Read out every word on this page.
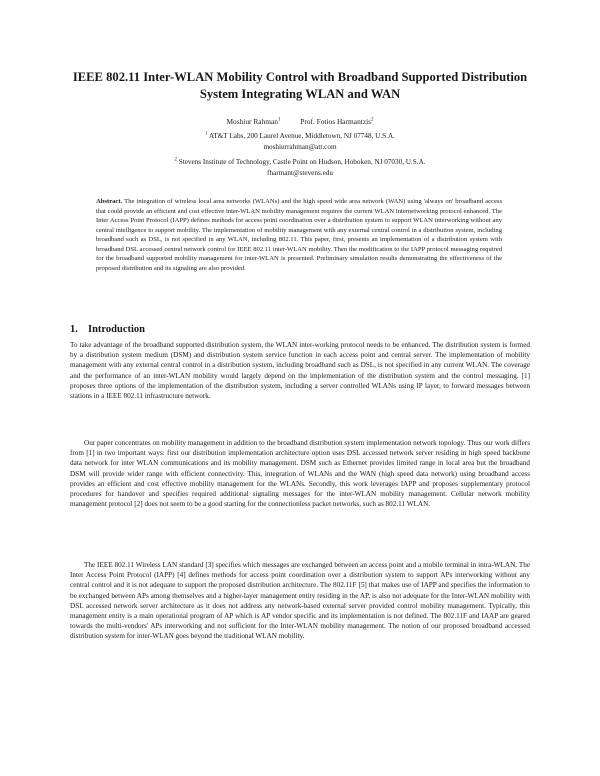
IEEE 802.11 Inter-WLAN Mobility Control with Broadband Supported Distribution System Integrating WLAN and WAN
Moshiur Rahman$^1$	Prof. Fotios Harmantzis$^2$
$^1$ AT&T Labs, 200 Laurel Avenue, Middletown, NJ 07748, U.S.A.
moshiurrahman@att.com
$^2$ Stevens Institute of Technology, Castle Point on Hudson, Hoboken, NJ 07030, U.S.A.
fharmant@stevens.edu
Abstract. The integration of wireless local area networks (WLANs) and the high speed wide area network (WAN) using 'always on' broadband access that could provide an efficient and cost effective inter-WLAN mobility management requires the current WLAN internetworking protocol enhanced. The Inter Access Point Protocol (IAPP) defines methods for access point coordination over a distribution system to support WLAN interworking without any central intelligence to support mobility. The implementation of mobility management with any external central control in a distribution system, including broadband such as DSL, is not specified in any WLAN, including 802.11. This paper, first, presents an implementation of a distribution system with broadband DSL accessed central network control for IEEE 802.11 inter-WLAN mobility. Then the modification to the IAPP protocol messaging required for the broadband supported mobility management for inter-WLAN is presented. Preliminary simulation results demonstrating the effectiveness of the proposed distribution and its signaling are also provided.
1. Introduction
To take advantage of the broadband supported distribution system, the WLAN inter-working protocol needs to be enhanced. The distribution system is formed by a distribution system medium (DSM) and distribution system service function in each access point and central server. The implementation of mobility management with any external central control in a distribution system, including broadband such as DSL, is not specified in any current WLAN. The coverage and the performance of an inter-WLAN mobility would largely depend on the implementation of the distribution system and the control messaging. [1] proposes three options of the implementation of the distribution system, including a server controlled WLANs using IP layer, to forward messages between stations in a IEEE 802.11 infrastructure network.
Our paper concentrates on mobility management in addition to the broadband distribution system implementation network topology. Thus our work differs from [1] in two important ways: first our distribution implementation architecture option uses DSL accessed network server residing in high speed backbone data network for inter WLAN communications and its mobility management. DSM such as Ethernet provides limited range in local area but the broadband DSM will provide wider range with efficient connectivity. This, integration of WLANs and the WAN (high speed data network) using broadband access provides an efficient and cost effective mobility management for the WLANs. Secondly, this work leverages IAPP and proposes supplementary protocol procedures for handover and specifies required additional signaling messages for the inter-WLAN mobility management. Cellular network mobility management protocol [2] does not seem to be a good starting for the connectionless packet networks, such as 802.11 WLAN.
The IEEE 802.11 Wireless LAN standard [3] specifies which messages are exchanged between an access point and a mobile terminal in intra-WLAN. The Inter Access Point Protocol (IAPP) [4] defines methods for access point coordination over a distribution system to support APs interworking without any central control and it is not adequate to support the proposed distribution architecture. The 802.11F [5] that makes use of IAPP and specifies the information to be exchanged between APs among themselves and a higher-layer management entity residing in the AP, is also not adequate for the Inter-WLAN mobility with DSL accessed network server architecture as it does not address any network-based external server provided control mobility management. Typically, this management entity is a main operational program of AP which is AP vendor specific and its implementation is not defined. The 802.11F and IAAP are geared towards the multi-vendors' APs interworking and not sufficient for the Inter-WLAN mobility management. The notion of our proposed broadband accessed distribution system for inter-WLAN goes beyond the traditional WLAN mobility.
